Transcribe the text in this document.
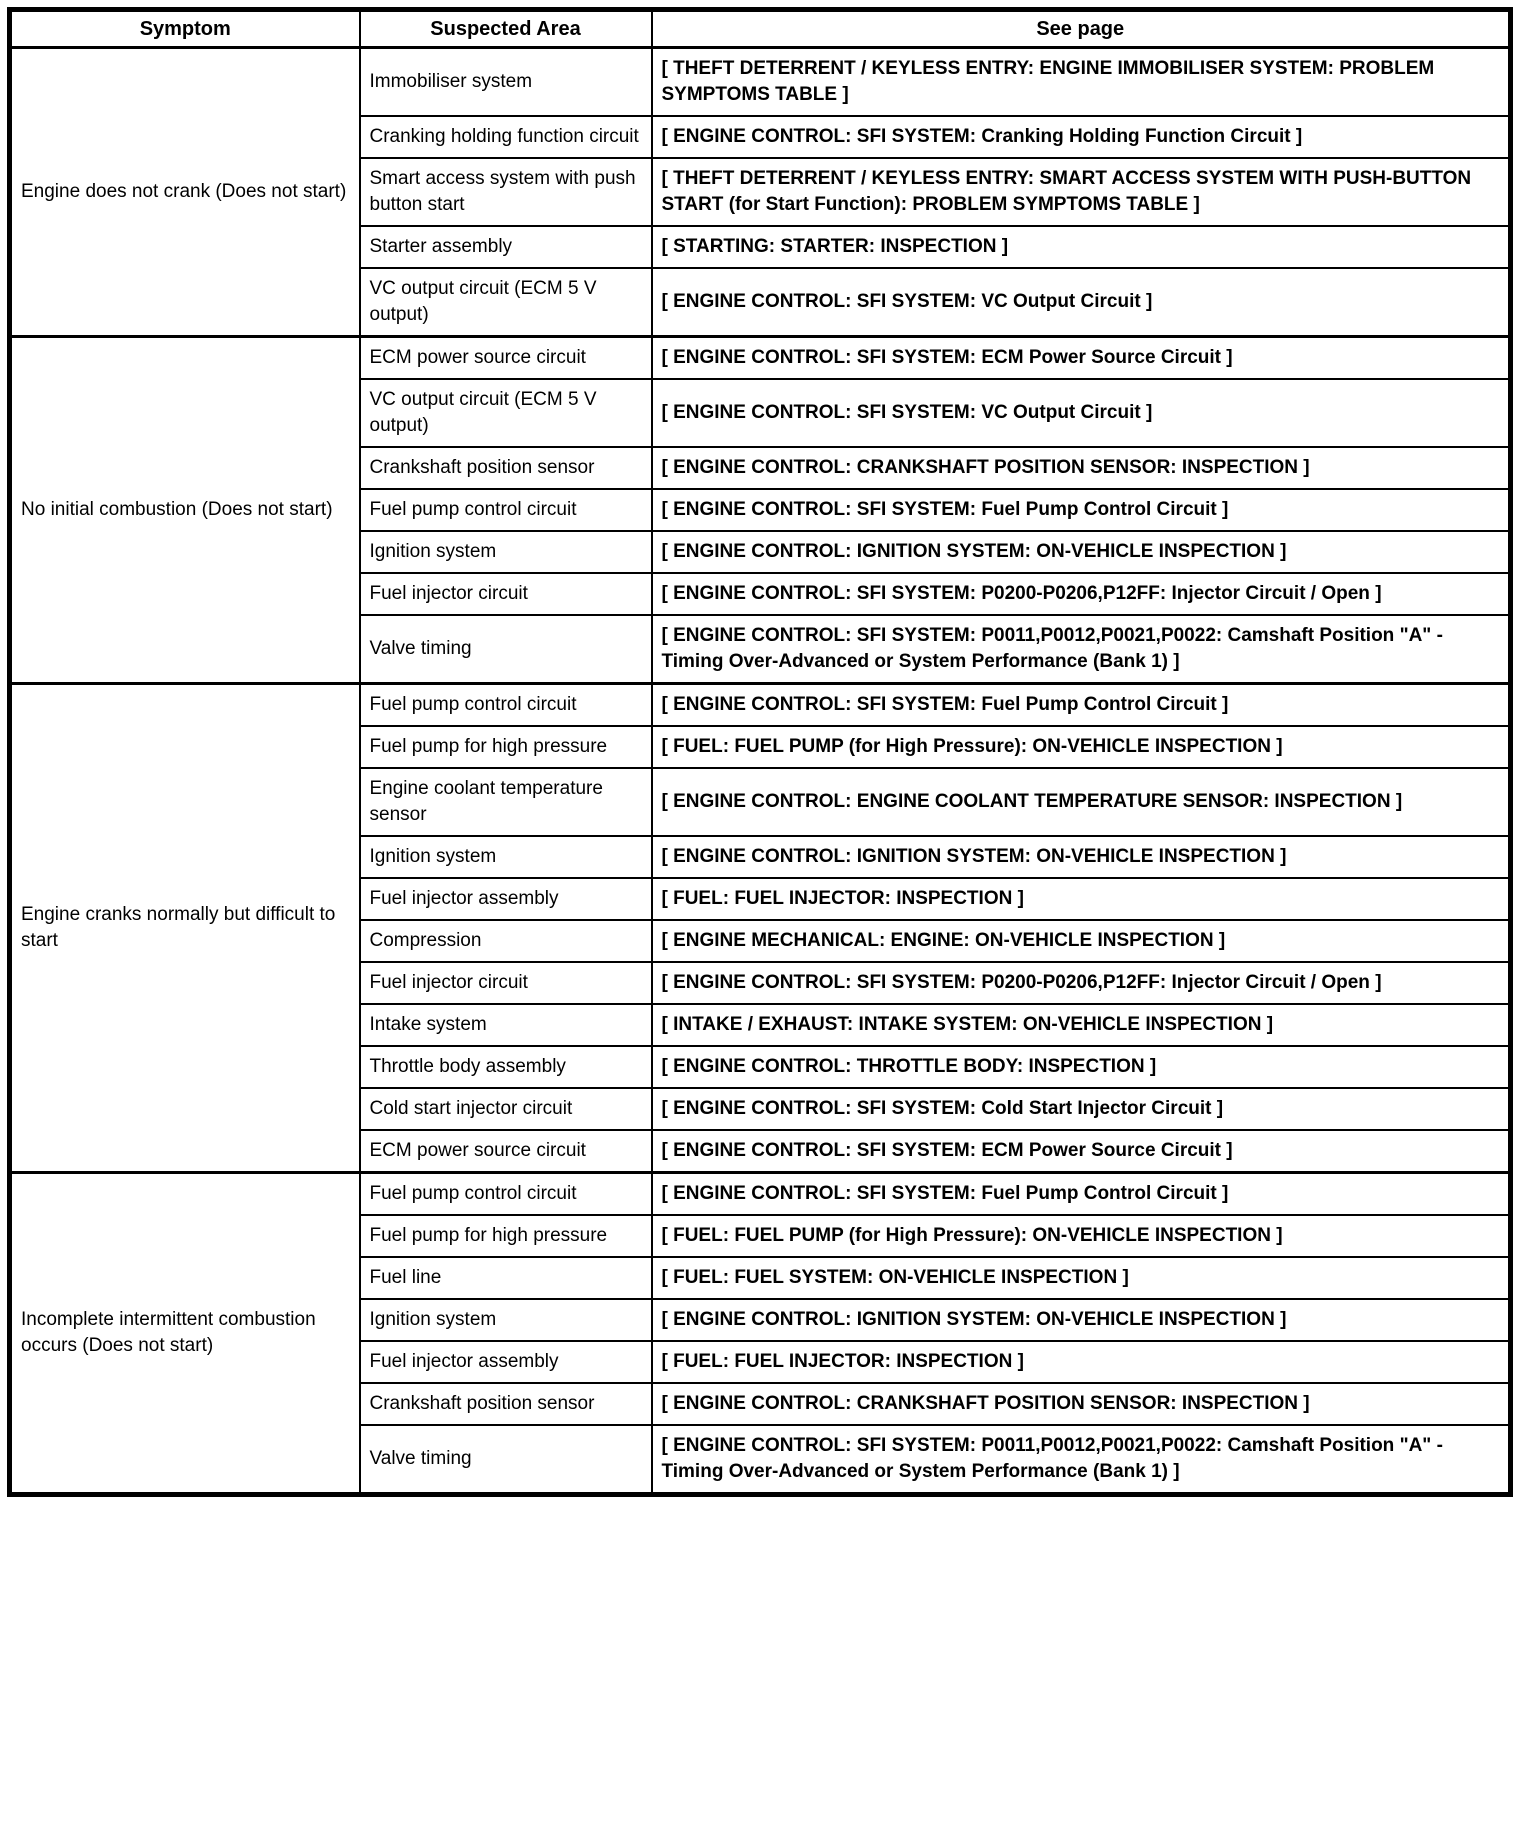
Symptom	Suspected Area	See page
Engine does not crank (Does not start)	Immobiliser system	[ THEFT DETERRENT / KEYLESS ENTRY: ENGINE IMMOBILISER SYSTEM: PROBLEM SYMPTOMS TABLE ]
	Cranking holding function circuit	[ ENGINE CONTROL: SFI SYSTEM: Cranking Holding Function Circuit ]
	Smart access system with push button start	[ THEFT DETERRENT / KEYLESS ENTRY: SMART ACCESS SYSTEM WITH PUSH-BUTTON START (for Start Function): PROBLEM SYMPTOMS TABLE ]
	Starter assembly	[ STARTING: STARTER: INSPECTION ]
	VC output circuit (ECM 5 V output)	[ ENGINE CONTROL: SFI SYSTEM: VC Output Circuit ]
No initial combustion (Does not start)	ECM power source circuit	[ ENGINE CONTROL: SFI SYSTEM: ECM Power Source Circuit ]
	VC output circuit (ECM 5 V output)	[ ENGINE CONTROL: SFI SYSTEM: VC Output Circuit ]
	Crankshaft position sensor	[ ENGINE CONTROL: CRANKSHAFT POSITION SENSOR: INSPECTION ]
	Fuel pump control circuit	[ ENGINE CONTROL: SFI SYSTEM: Fuel Pump Control Circuit ]
	Ignition system	[ ENGINE CONTROL: IGNITION SYSTEM: ON-VEHICLE INSPECTION ]
	Fuel injector circuit	[ ENGINE CONTROL: SFI SYSTEM: P0200-P0206,P12FF: Injector Circuit / Open ]
	Valve timing	[ ENGINE CONTROL: SFI SYSTEM: P0011,P0012,P0021,P0022: Camshaft Position "A" - Timing Over-Advanced or System Performance (Bank 1) ]
Engine cranks normally but difficult to start	Fuel pump control circuit	[ ENGINE CONTROL: SFI SYSTEM: Fuel Pump Control Circuit ]
	Fuel pump for high pressure	[ FUEL: FUEL PUMP (for High Pressure): ON-VEHICLE INSPECTION ]
	Engine coolant temperature sensor	[ ENGINE CONTROL: ENGINE COOLANT TEMPERATURE SENSOR: INSPECTION ]
	Ignition system	[ ENGINE CONTROL: IGNITION SYSTEM: ON-VEHICLE INSPECTION ]
	Fuel injector assembly	[ FUEL: FUEL INJECTOR: INSPECTION ]
	Compression	[ ENGINE MECHANICAL: ENGINE: ON-VEHICLE INSPECTION ]
	Fuel injector circuit	[ ENGINE CONTROL: SFI SYSTEM: P0200-P0206,P12FF: Injector Circuit / Open ]
	Intake system	[ INTAKE / EXHAUST: INTAKE SYSTEM: ON-VEHICLE INSPECTION ]
	Throttle body assembly	[ ENGINE CONTROL: THROTTLE BODY: INSPECTION ]
	Cold start injector circuit	[ ENGINE CONTROL: SFI SYSTEM: Cold Start Injector Circuit ]
	ECM power source circuit	[ ENGINE CONTROL: SFI SYSTEM: ECM Power Source Circuit ]
Incomplete intermittent combustion occurs (Does not start)	Fuel pump control circuit	[ ENGINE CONTROL: SFI SYSTEM: Fuel Pump Control Circuit ]
	Fuel pump for high pressure	[ FUEL: FUEL PUMP (for High Pressure): ON-VEHICLE INSPECTION ]
	Fuel line	[ FUEL: FUEL SYSTEM: ON-VEHICLE INSPECTION ]
	Ignition system	[ ENGINE CONTROL: IGNITION SYSTEM: ON-VEHICLE INSPECTION ]
	Fuel injector assembly	[ FUEL: FUEL INJECTOR: INSPECTION ]
	Crankshaft position sensor	[ ENGINE CONTROL: CRANKSHAFT POSITION SENSOR: INSPECTION ]
	Valve timing	[ ENGINE CONTROL: SFI SYSTEM: P0011,P0012,P0021,P0022: Camshaft Position "A" - Timing Over-Advanced or System Performance (Bank 1) ]
